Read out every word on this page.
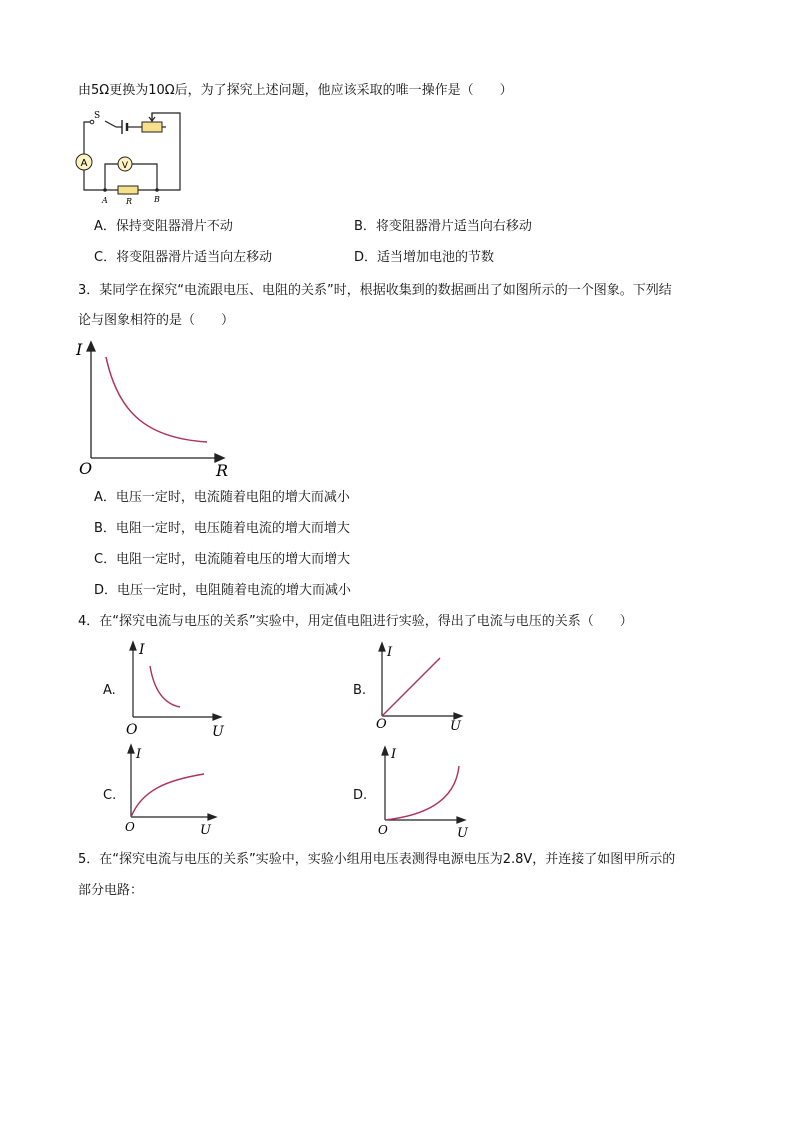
由5Ω更换为10Ω后，为了探究上述问题，他应该采取的唯一操作是（　　）
A	V
S
A R	B
A．保持变阻器滑片不动	B．将变阻器滑片适当向右移动
C．将变阻器滑片适当向左移动	D．适当增加电池的节数
3．某同学在探究“电流跟电压、电阻的关系”时，根据收集到的数据画出了如图所示的一个图象。下列结
论与图象相符的是（　　）
I
O	R
A．电压一定时，电流随着电阻的增大而减小
B．电阻一定时，电压随着电流的增大而增大
C．电阻一定时，电流随着电压的增大而增大
D．电压一定时，电阻随着电流的增大而减小
4．在“探究电流与电压的关系”实验中，用定值电阻进行实验，得出了电流与电压的关系（　　）
A.
I
O	U
B.
I
O	U
C.
I
O	U
D.
I
O	U
5．在“探究电流与电压的关系”实验中，实验小组用电压表测得电源电压为2.8V，并连接了如图甲所示的
部分电路：
